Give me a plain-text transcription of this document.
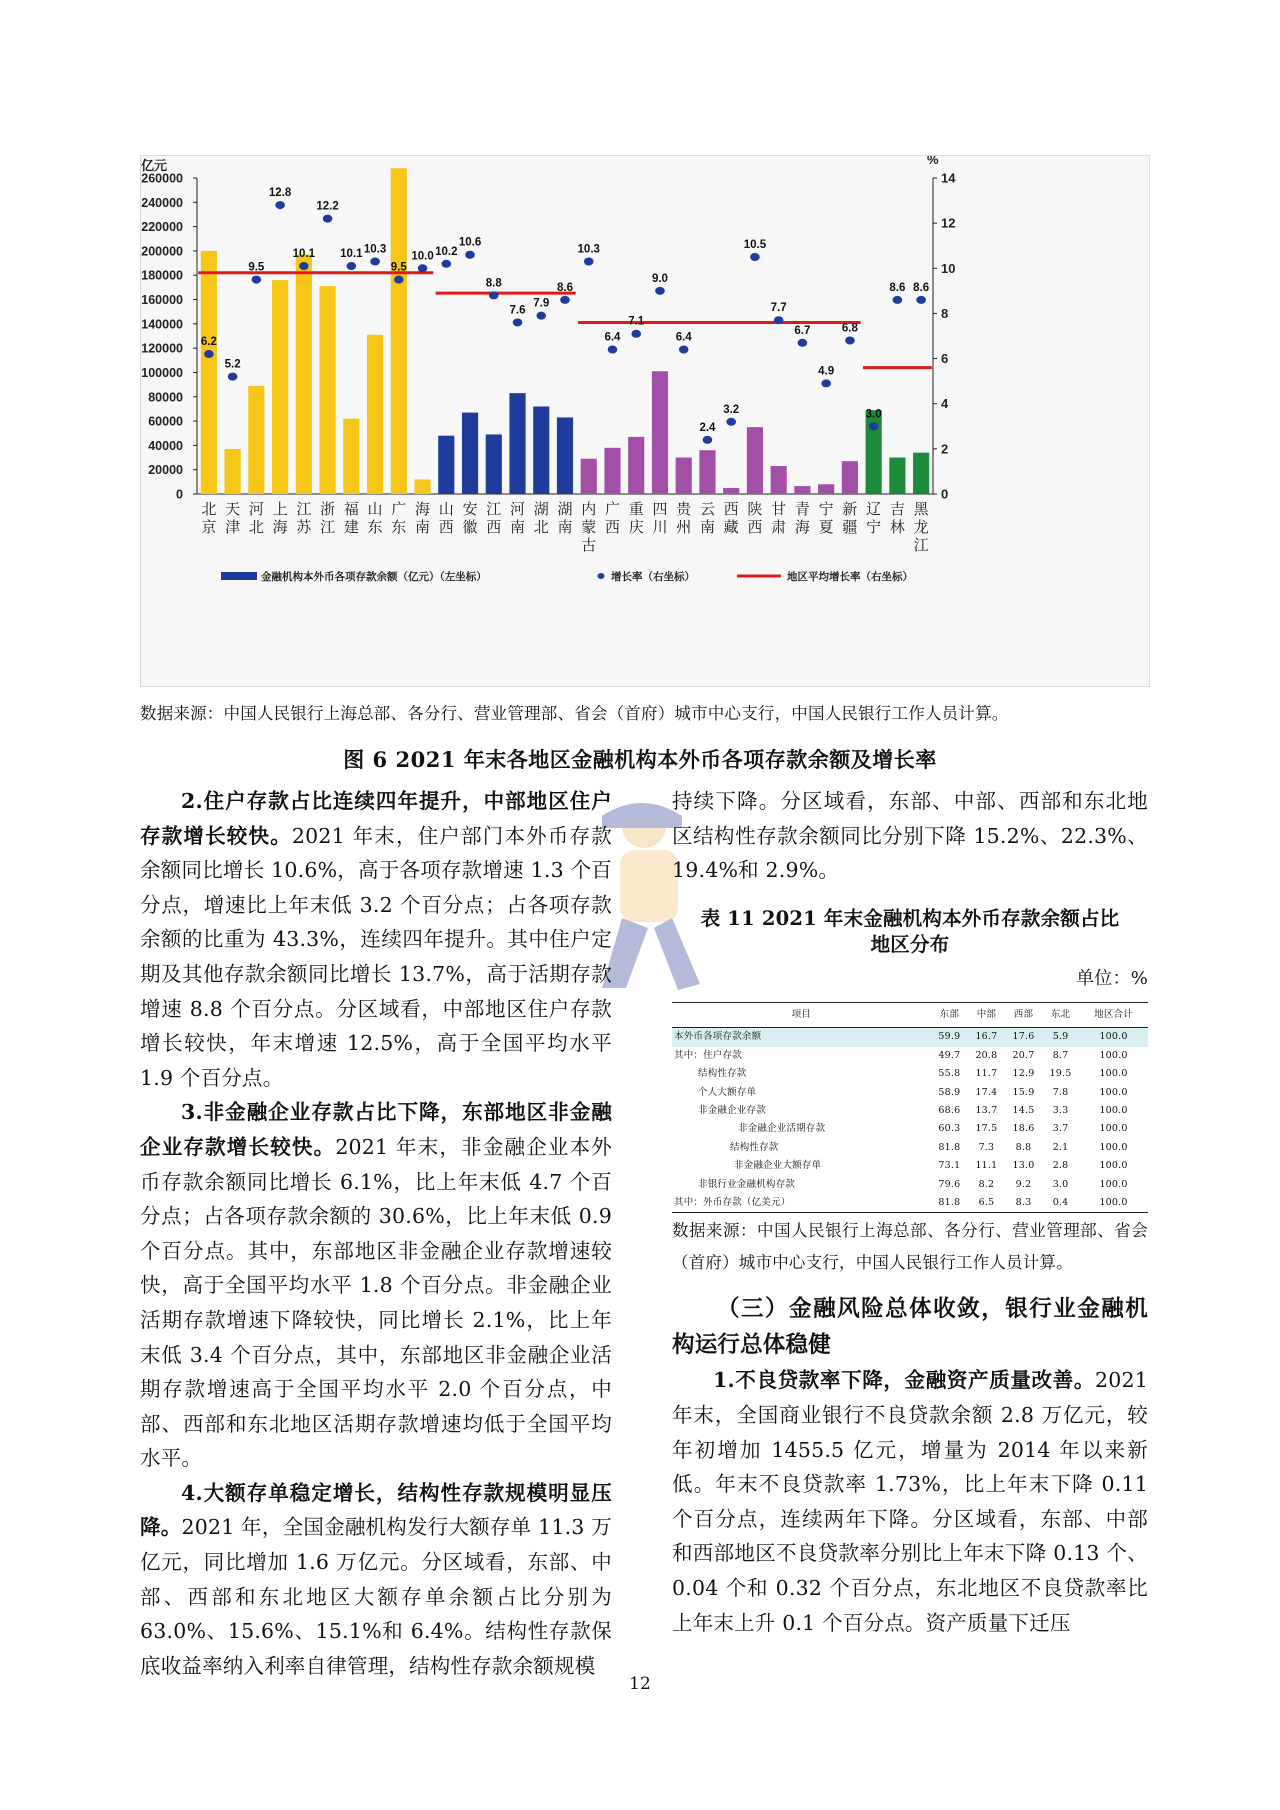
0
20000
40000
60000
80000
100000
120000
140000
160000
180000
200000
220000
240000
260000
亿元
0
2
4
6
8
10
12
14
%
北京
天津
河北
上海
江苏
浙江
福建
山东
广东
海南
山西
安徽
江西
河南
湖北
湖南
内蒙古
广西
重庆
四川
贵州
云南
西藏
陕西
甘肃
青海
宁夏
新疆
辽宁
吉林
黑龙江
6.2
5.2
9.5
12.8
10.1
12.2
10.1 10.3
9.5
10.0 10.2
10.6
8.8
7.6
7.9
8.6
10.3
6.4
7.1
9.0
6.4
2.4
3.2
10.5
7.7
6.7
4.9
6.8
3.0
8.6 8.6
金融机构本外币各项存款余额（亿元）（左坐标）	增长率（右坐标）	地区平均增长率（右坐标）
数据来源：中国人民银行上海总部、各分行、营业管理部、省会（首府）城市中心支行，中国人民银行工作人员计算。
图 6 2021 年末各地区金融机构本外币各项存款余额及增长率

2.住户存款占比连续四年提升，中部地区住户存款增长较快。2021 年末，住户部门本外币存款余额同比增长 10.6%，高于各项存款增速 1.3 个百分点，增速比上年末低 3.2 个百分点；占各项存款余额的比重为 43.3%，连续四年提升。其中住户定期及其他存款余额同比增长 13.7%，高于活期存款增速 8.8 个百分点。分区域看，中部地区住户存款增长较快，年末增速 12.5%，高于全国平均水平 1.9 个百分点。

3.非金融企业存款占比下降，东部地区非金融企业存款增长较快。2021 年末，非金融企业本外币存款余额同比增长 6.1%，比上年末低 4.7 个百分点；占各项存款余额的 30.6%，比上年末低 0.9 个百分点。其中，东部地区非金融企业存款增速较快，高于全国平均水平 1.8 个百分点。非金融企业活期存款增速下降较快，同比增长 2.1%，比上年末低 3.4 个百分点，其中，东部地区非金融企业活期存款增速高于全国平均水平 2.0 个百分点，中部、西部和东北地区活期存款增速均低于全国平均水平。

4.大额存单稳定增长，结构性存款规模明显压降。2021 年，全国金融机构发行大额存单 11.3 万亿元，同比增加 1.6 万亿元。分区域看，东部、中部、西部和东北地区大额存单余额占比分别为 63.0%、15.6%、15.1%和 6.4%。结构性存款保底收益率纳入利率自律管理，结构性存款余额规模

持续下降。分区域看，东部、中部、西部和东北地区结构性存款余额同比分别下降 15.2%、22.3%、19.4%和 2.9%。

表 11 2021 年末金融机构本外币存款余额占比
地区分布
单位：%
项目	东部	中部	西部	东北	地区合计
本外币各项存款余额	59.9	16.7	17.6	5.9	100.0
其中：住户存款	49.7	20.8	20.7	8.7	100.0
结构性存款	55.8	11.7	12.9	19.5	100.0
个人大额存单	58.9	17.4	15.9	7.8	100.0
非金融企业存款	68.6	13.7	14.5	3.3	100.0
非金融企业活期存款	60.3	17.5	18.6	3.7	100.0
结构性存款	81.8	7.3	8.8	2.1	100.0
非金融企业大额存单	73.1	11.1	13.0	2.8	100.0
非银行业金融机构存款	79.6	8.2	9.2	3.0	100.0
其中：外币存款（亿美元）	81.8	6.5	8.3	0.4	100.0
数据来源：中国人民银行上海总部、各分行、营业管理部、省会（首府）城市中心支行，中国人民银行工作人员计算。
（三）金融风险总体收敛，银行业金融机构运行总体稳健

1.不良贷款率下降，金融资产质量改善。2021 年末，全国商业银行不良贷款余额 2.8 万亿元，较年初增加 1455.5 亿元，增量为 2014 年以来新低。年末不良贷款率 1.73%，比上年末下降 0.11 个百分点，连续两年下降。分区域看，东部、中部和西部地区不良贷款率分别比上年末下降 0.13 个、0.04 个和 0.32 个百分点，东北地区不良贷款率比上年末上升 0.1 个百分点。资产质量下迁压

12
